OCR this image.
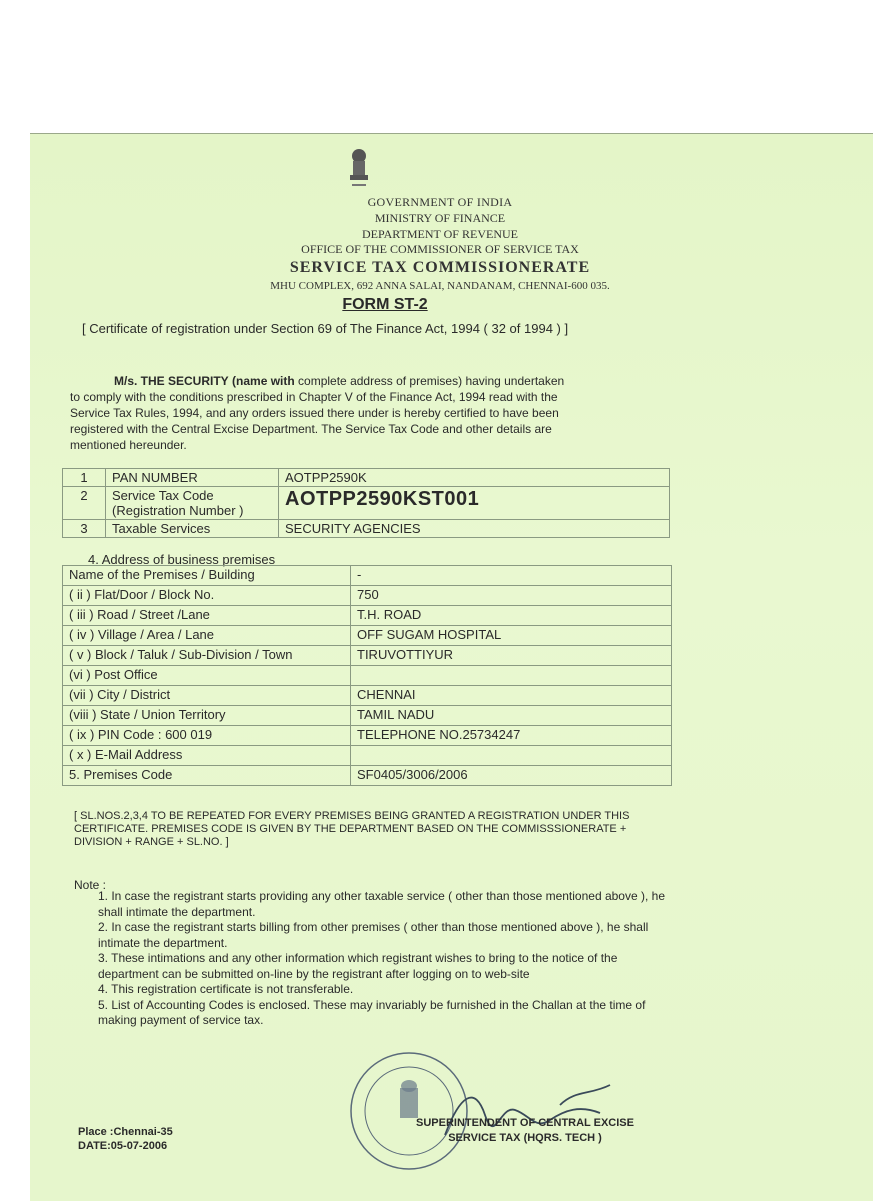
GOVERNMENT OF INDIA
MINISTRY OF FINANCE
DEPARTMENT OF REVENUE
OFFICE OF THE COMMISSIONER OF SERVICE TAX
SERVICE TAX COMMISSIONERATE
MHU COMPLEX, 692 ANNA SALAI, NANDANAM, CHENNAI-600 035.
FORM ST-2
[ Certificate of registration under Section 69 of The Finance Act, 1994 ( 32 of 1994 ) ]
M/s. THE SECURITY (name with complete address of premises) having undertaken
to comply with the conditions prescribed in Chapter V of the Finance Act, 1994 read with the
Service Tax Rules, 1994, and any orders issued there under is hereby certified to have been
registered with the Central Excise Department. The Service Tax Code and other details are
mentioned hereunder.
1	PAN NUMBER	AOTPP2590K
2	Service Tax Code (Registration Number )	AOTPP2590KST001
3	Taxable Services	SECURITY AGENCIES
4. Address of business premises
Name of the Premises / Building	-
( ii ) Flat/Door / Block No.	750
( iii ) Road / Street /Lane	T.H. ROAD
( iv ) Village / Area / Lane	OFF SUGAM HOSPITAL
( v ) Block / Taluk / Sub-Division / Town	TIRUVOTTIYUR
(vi ) Post Office	
(vii ) City / District	CHENNAI
(viii ) State / Union Territory	TAMIL NADU
( ix ) PIN Code : 600 019	TELEPHONE NO.25734247
( x ) E-Mail Address	
5. Premises Code	SF0405/3006/2006
[ SL.NOS.2,3,4 TO BE REPEATED FOR EVERY PREMISES BEING GRANTED A REGISTRATION UNDER THIS CERTIFICATE. PREMISES CODE IS GIVEN BY THE DEPARTMENT BASED ON THE COMMISSSIONERATE + DIVISION + RANGE + SL.NO. ]
Note :
1. In case the registrant starts providing any other taxable service ( other than those mentioned above ), he shall intimate the department.
2. In case the registrant starts billing from other premises ( other than those mentioned above ), he shall intimate the department.
3. These intimations and any other information which registrant wishes to bring to the notice of the department can be submitted on-line by the registrant after logging on to web-site
4. This registration certificate is not transferable.
5. List of Accounting Codes is enclosed. These may invariably be furnished in the Challan at the time of making payment of service tax.
Place :Chennai-35
DATE:05-07-2006
SUPERINTENDENT OF CENTRAL EXCISE
SERVICE TAX (HQRS. TECH )
